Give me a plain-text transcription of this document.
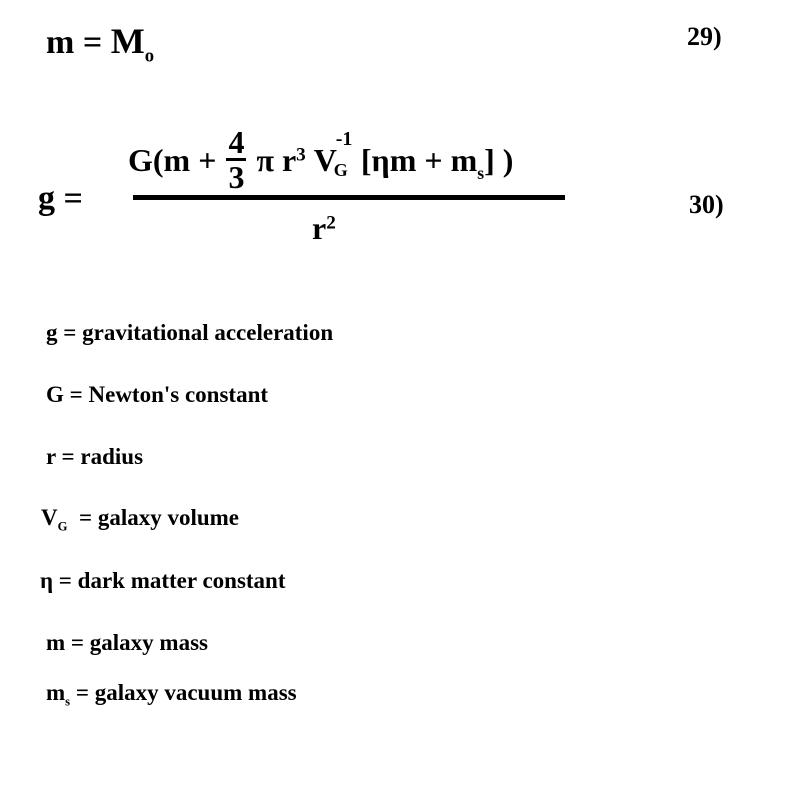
$m = M_o$
29)
g =
$G(m + \frac{4}{3}$ π $r^3$ V
-1
G $[\eta m + m_s]$ )
$r^2$
30)
g = gravitational acceleration
G = Newton's constant
r = radius
$V_G$ = galaxy volume
η = dark matter constant
m = galaxy mass
$m_s$ = galaxy vacuum mass
